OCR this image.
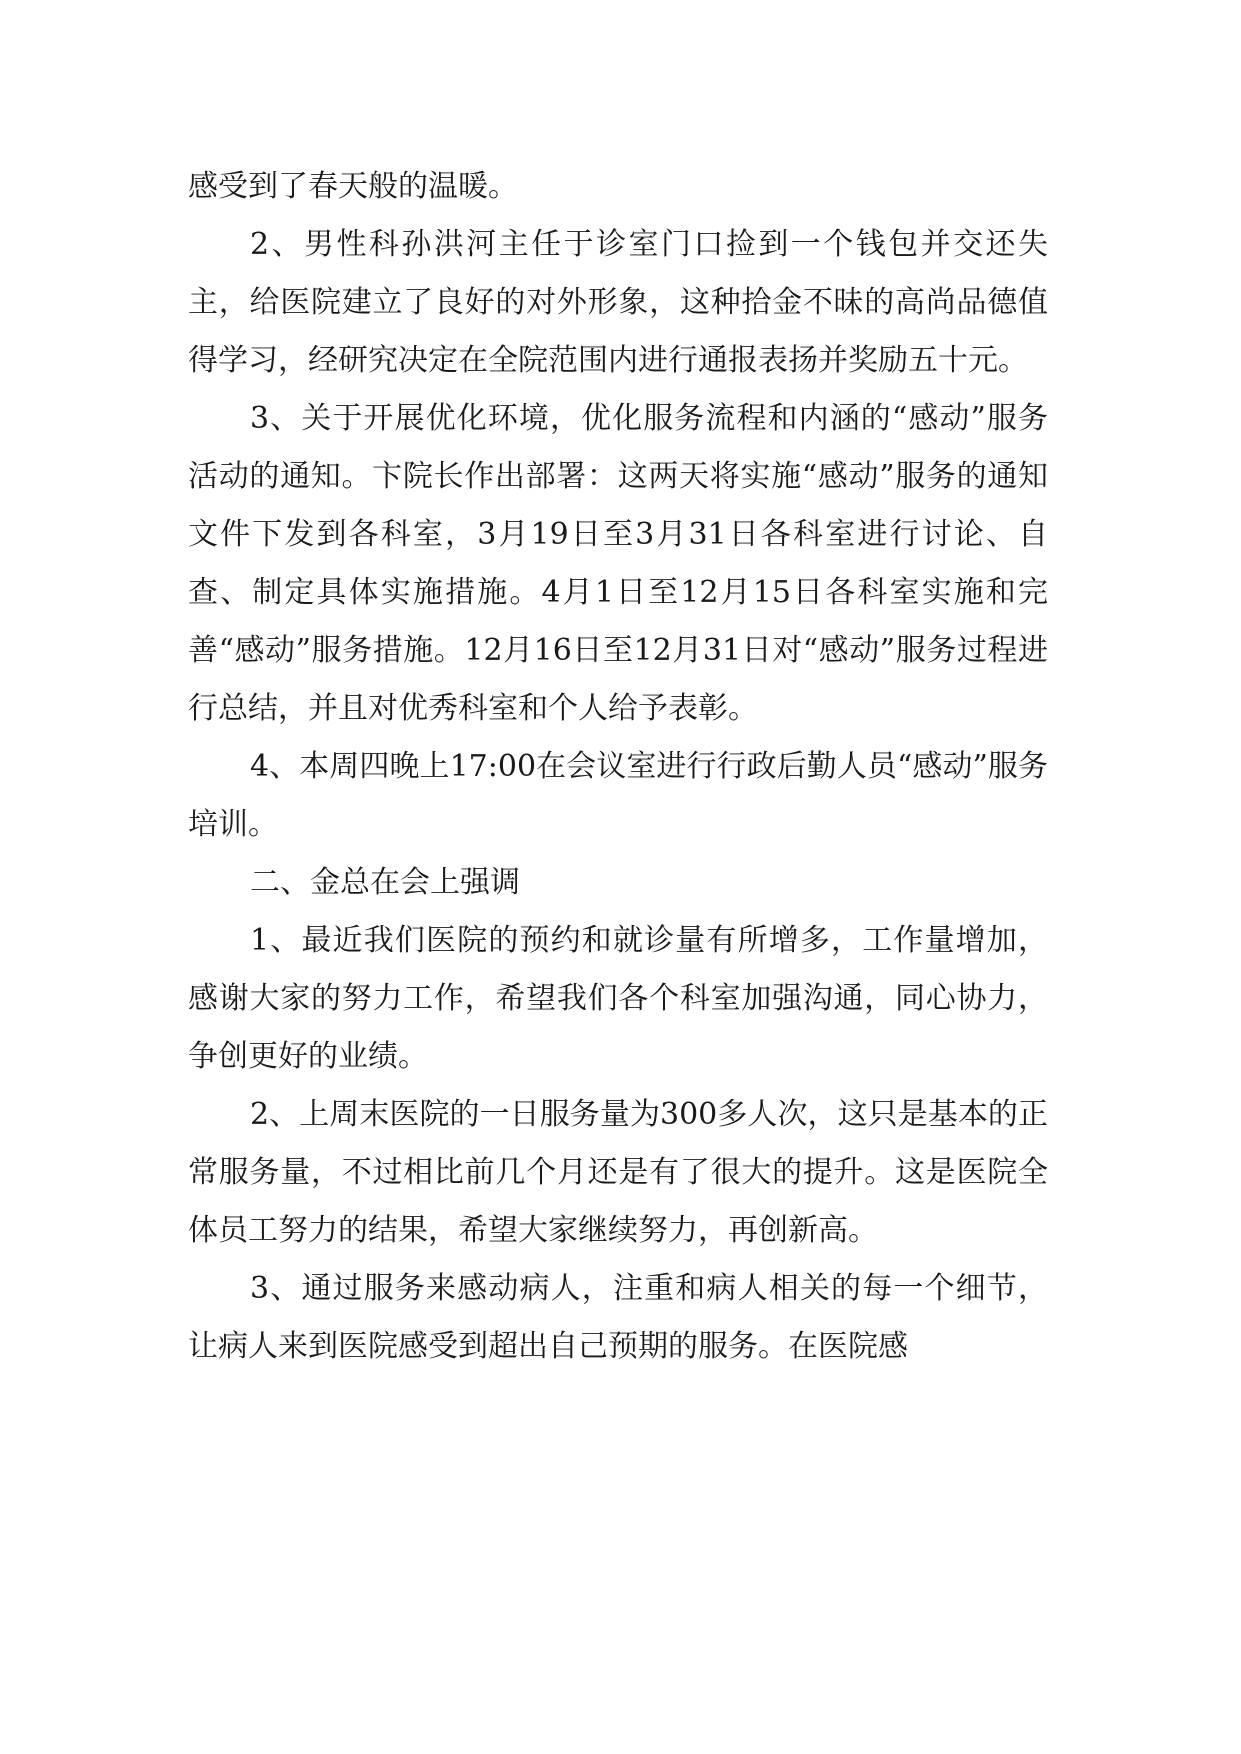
感受到了春天般的温暖。

2、男性科孙洪河主任于诊室门口捡到一个钱包并交还失主，给医院建立了良好的对外形象，这种拾金不昧的高尚品德值得学习，经研究决定在全院范围内进行通报表扬并奖励五十元。

3、关于开展优化环境，优化服务流程和内涵的“感动”服务活动的通知。卞院长作出部署：这两天将实施“感动”服务的通知文件下发到各科室，3月19日至3月31日各科室进行讨论、自查、制定具体实施措施。4月1日至12月15日各科室实施和完善“感动”服务措施。12月16日至12月31日对“感动”服务过程进行总结，并且对优秀科室和个人给予表彰。

4、本周四晚上17:00在会议室进行行政后勤人员“感动”服务培训。

二、金总在会上强调

1、最近我们医院的预约和就诊量有所增多，工作量增加，感谢大家的努力工作，希望我们各个科室加强沟通，同心协力，争创更好的业绩。

2、上周末医院的一日服务量为300多人次，这只是基本的正常服务量，不过相比前几个月还是有了很大的提升。这是医院全体员工努力的结果，希望大家继续努力，再创新高。

3、通过服务来感动病人，注重和病人相关的每一个细节，让病人来到医院感受到超出自己预期的服务。在医院感
